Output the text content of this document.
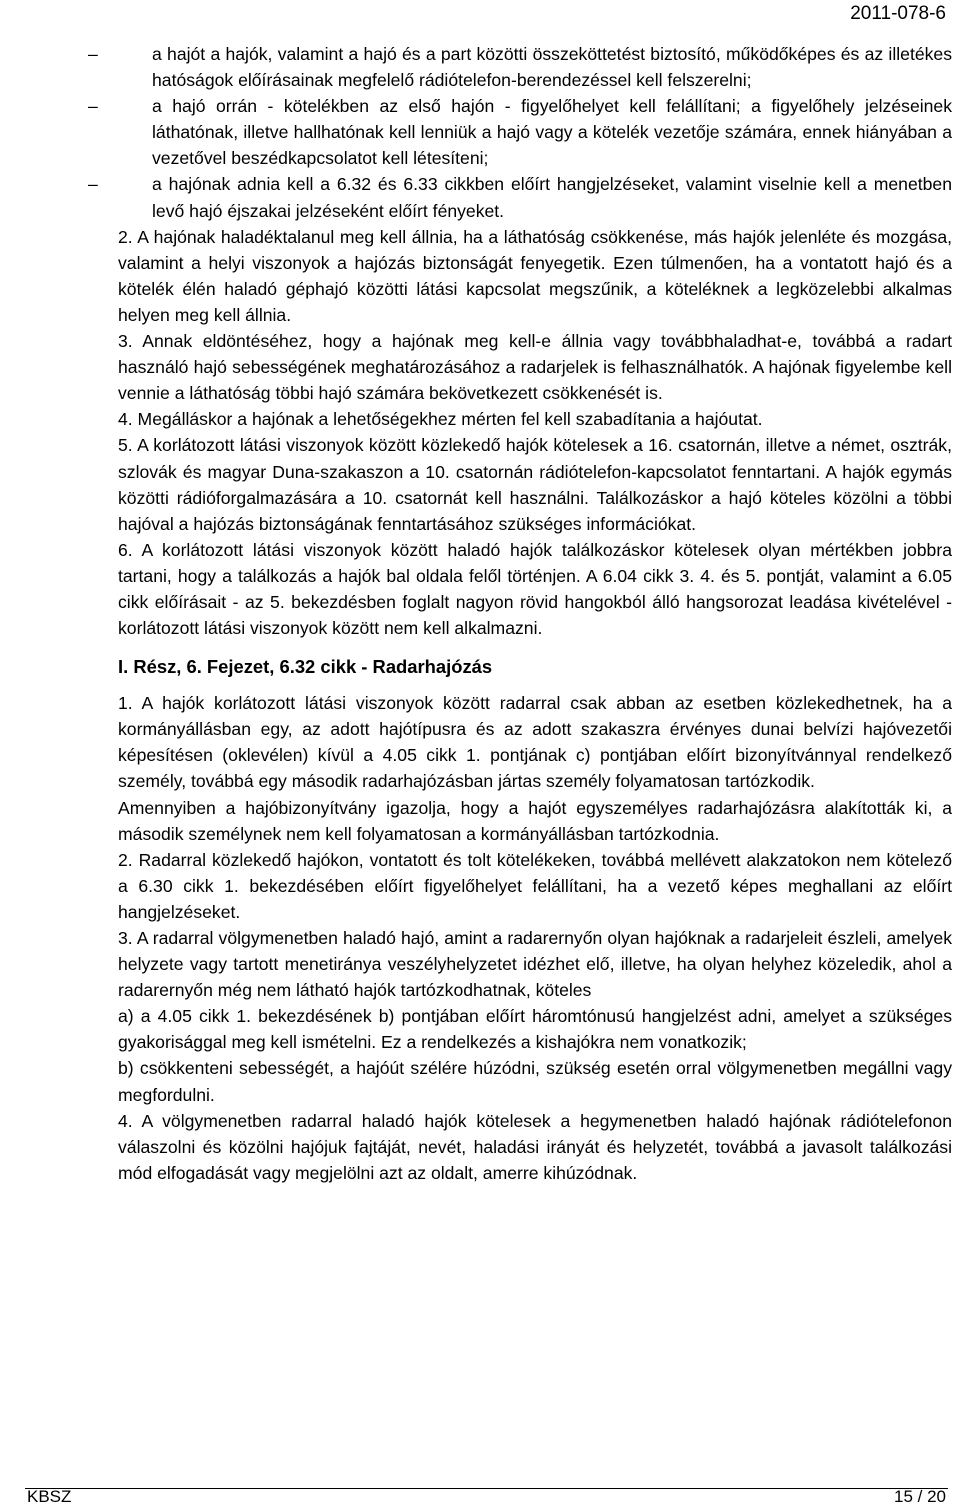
2011-078-6
–	a hajót a hajók, valamint a hajó és a part közötti összeköttetést biztosító, működőképes és az illetékes hatóságok előírásainak megfelelő rádiótelefon-berendezéssel kell felszerelni;
–	a hajó orrán - kötelékben az első hajón - figyelőhelyet kell felállítani; a figyelőhely jelzéseinek láthatónak, illetve hallhatónak kell lenniük a hajó vagy a kötelék vezetője számára, ennek hiányában a vezetővel beszédkapcsolatot kell létesíteni;
–	a hajónak adnia kell a 6.32 és 6.33 cikkben előírt hangjelzéseket, valamint viselnie kell a menetben levő hajó éjszakai jelzéseként előírt fényeket.

2. A hajónak haladéktalanul meg kell állnia, ha a láthatóság csökkenése, más hajók jelenléte és mozgása, valamint a helyi viszonyok a hajózás biztonságát fenyegetik. Ezen túlmenően, ha a vontatott hajó és a kötelék élén haladó géphajó közötti látási kapcsolat megszűnik, a köteléknek a legközelebbi alkalmas helyen meg kell állnia.

3. Annak eldöntéséhez, hogy a hajónak meg kell-e állnia vagy továbbhaladhat-e, továbbá a radart használó hajó sebességének meghatározásához a radarjelek is felhasználhatók. A hajónak figyelembe kell vennie a láthatóság többi hajó számára bekövetkezett csökkenését is.

4. Megálláskor a hajónak a lehetőségekhez mérten fel kell szabadítania a hajóutat.

5. A korlátozott látási viszonyok között közlekedő hajók kötelesek a 16. csatornán, illetve a német, osztrák, szlovák és magyar Duna-szakaszon a 10. csatornán rádiótelefon-kapcsolatot fenntartani. A hajók egymás közötti rádióforgalmazására a 10. csatornát kell használni. Találkozáskor a hajó köteles közölni a többi hajóval a hajózás biztonságának fenntartásához szükséges információkat.

6. A korlátozott látási viszonyok között haladó hajók találkozáskor kötelesek olyan mértékben jobbra tartani, hogy a találkozás a hajók bal oldala felől történjen. A 6.04 cikk 3. 4. és 5. pontját, valamint a 6.05 cikk előírásait - az 5. bekezdésben foglalt nagyon rövid hangokból álló hangsorozat leadása kivételével - korlátozott látási viszonyok között nem kell alkalmazni.

I. Rész, 6. Fejezet, 6.32 cikk - Radarhajózás

1. A hajók korlátozott látási viszonyok között radarral csak abban az esetben közlekedhetnek, ha a kormányállásban egy, az adott hajótípusra és az adott szakaszra érvényes dunai belvízi hajóvezetői képesítésen (oklevélen) kívül a 4.05 cikk 1. pontjának c) pontjában előírt bizonyítvánnyal rendelkező személy, továbbá egy második radarhajózásban jártas személy folyamatosan tartózkodik.

Amennyiben a hajóbizonyítvány igazolja, hogy a hajót egyszemélyes radarhajózásra alakították ki, a második személynek nem kell folyamatosan a kormányállásban tartózkodnia.

2. Radarral közlekedő hajókon, vontatott és tolt kötelékeken, továbbá mellévett alakzatokon nem kötelező a 6.30 cikk 1. bekezdésében előírt figyelőhelyet felállítani, ha a vezető képes meghallani az előírt hangjelzéseket.

3. A radarral völgymenetben haladó hajó, amint a radarernyőn olyan hajóknak a radarjeleit észleli, amelyek helyzete vagy tartott menetiránya veszélyhelyzetet idézhet elő, illetve, ha olyan helyhez közeledik, ahol a radarernyőn még nem látható hajók tartózkodhatnak, köteles

a) a 4.05 cikk 1. bekezdésének b) pontjában előírt háromtónusú hangjelzést adni, amelyet a szükséges gyakorisággal meg kell ismételni. Ez a rendelkezés a kishajókra nem vonatkozik;

b) csökkenteni sebességét, a hajóút szélére húzódni, szükség esetén orral völgymenetben megállni vagy megfordulni.

4. A völgymenetben radarral haladó hajók kötelesek a hegymenetben haladó hajónak rádiótelefonon válaszolni és közölni hajójuk fajtáját, nevét, haladási irányát és helyzetét, továbbá a javasolt találkozási mód elfogadását vagy megjelölni azt az oldalt, amerre kihúzódnak.

KBSZ	15 / 20
